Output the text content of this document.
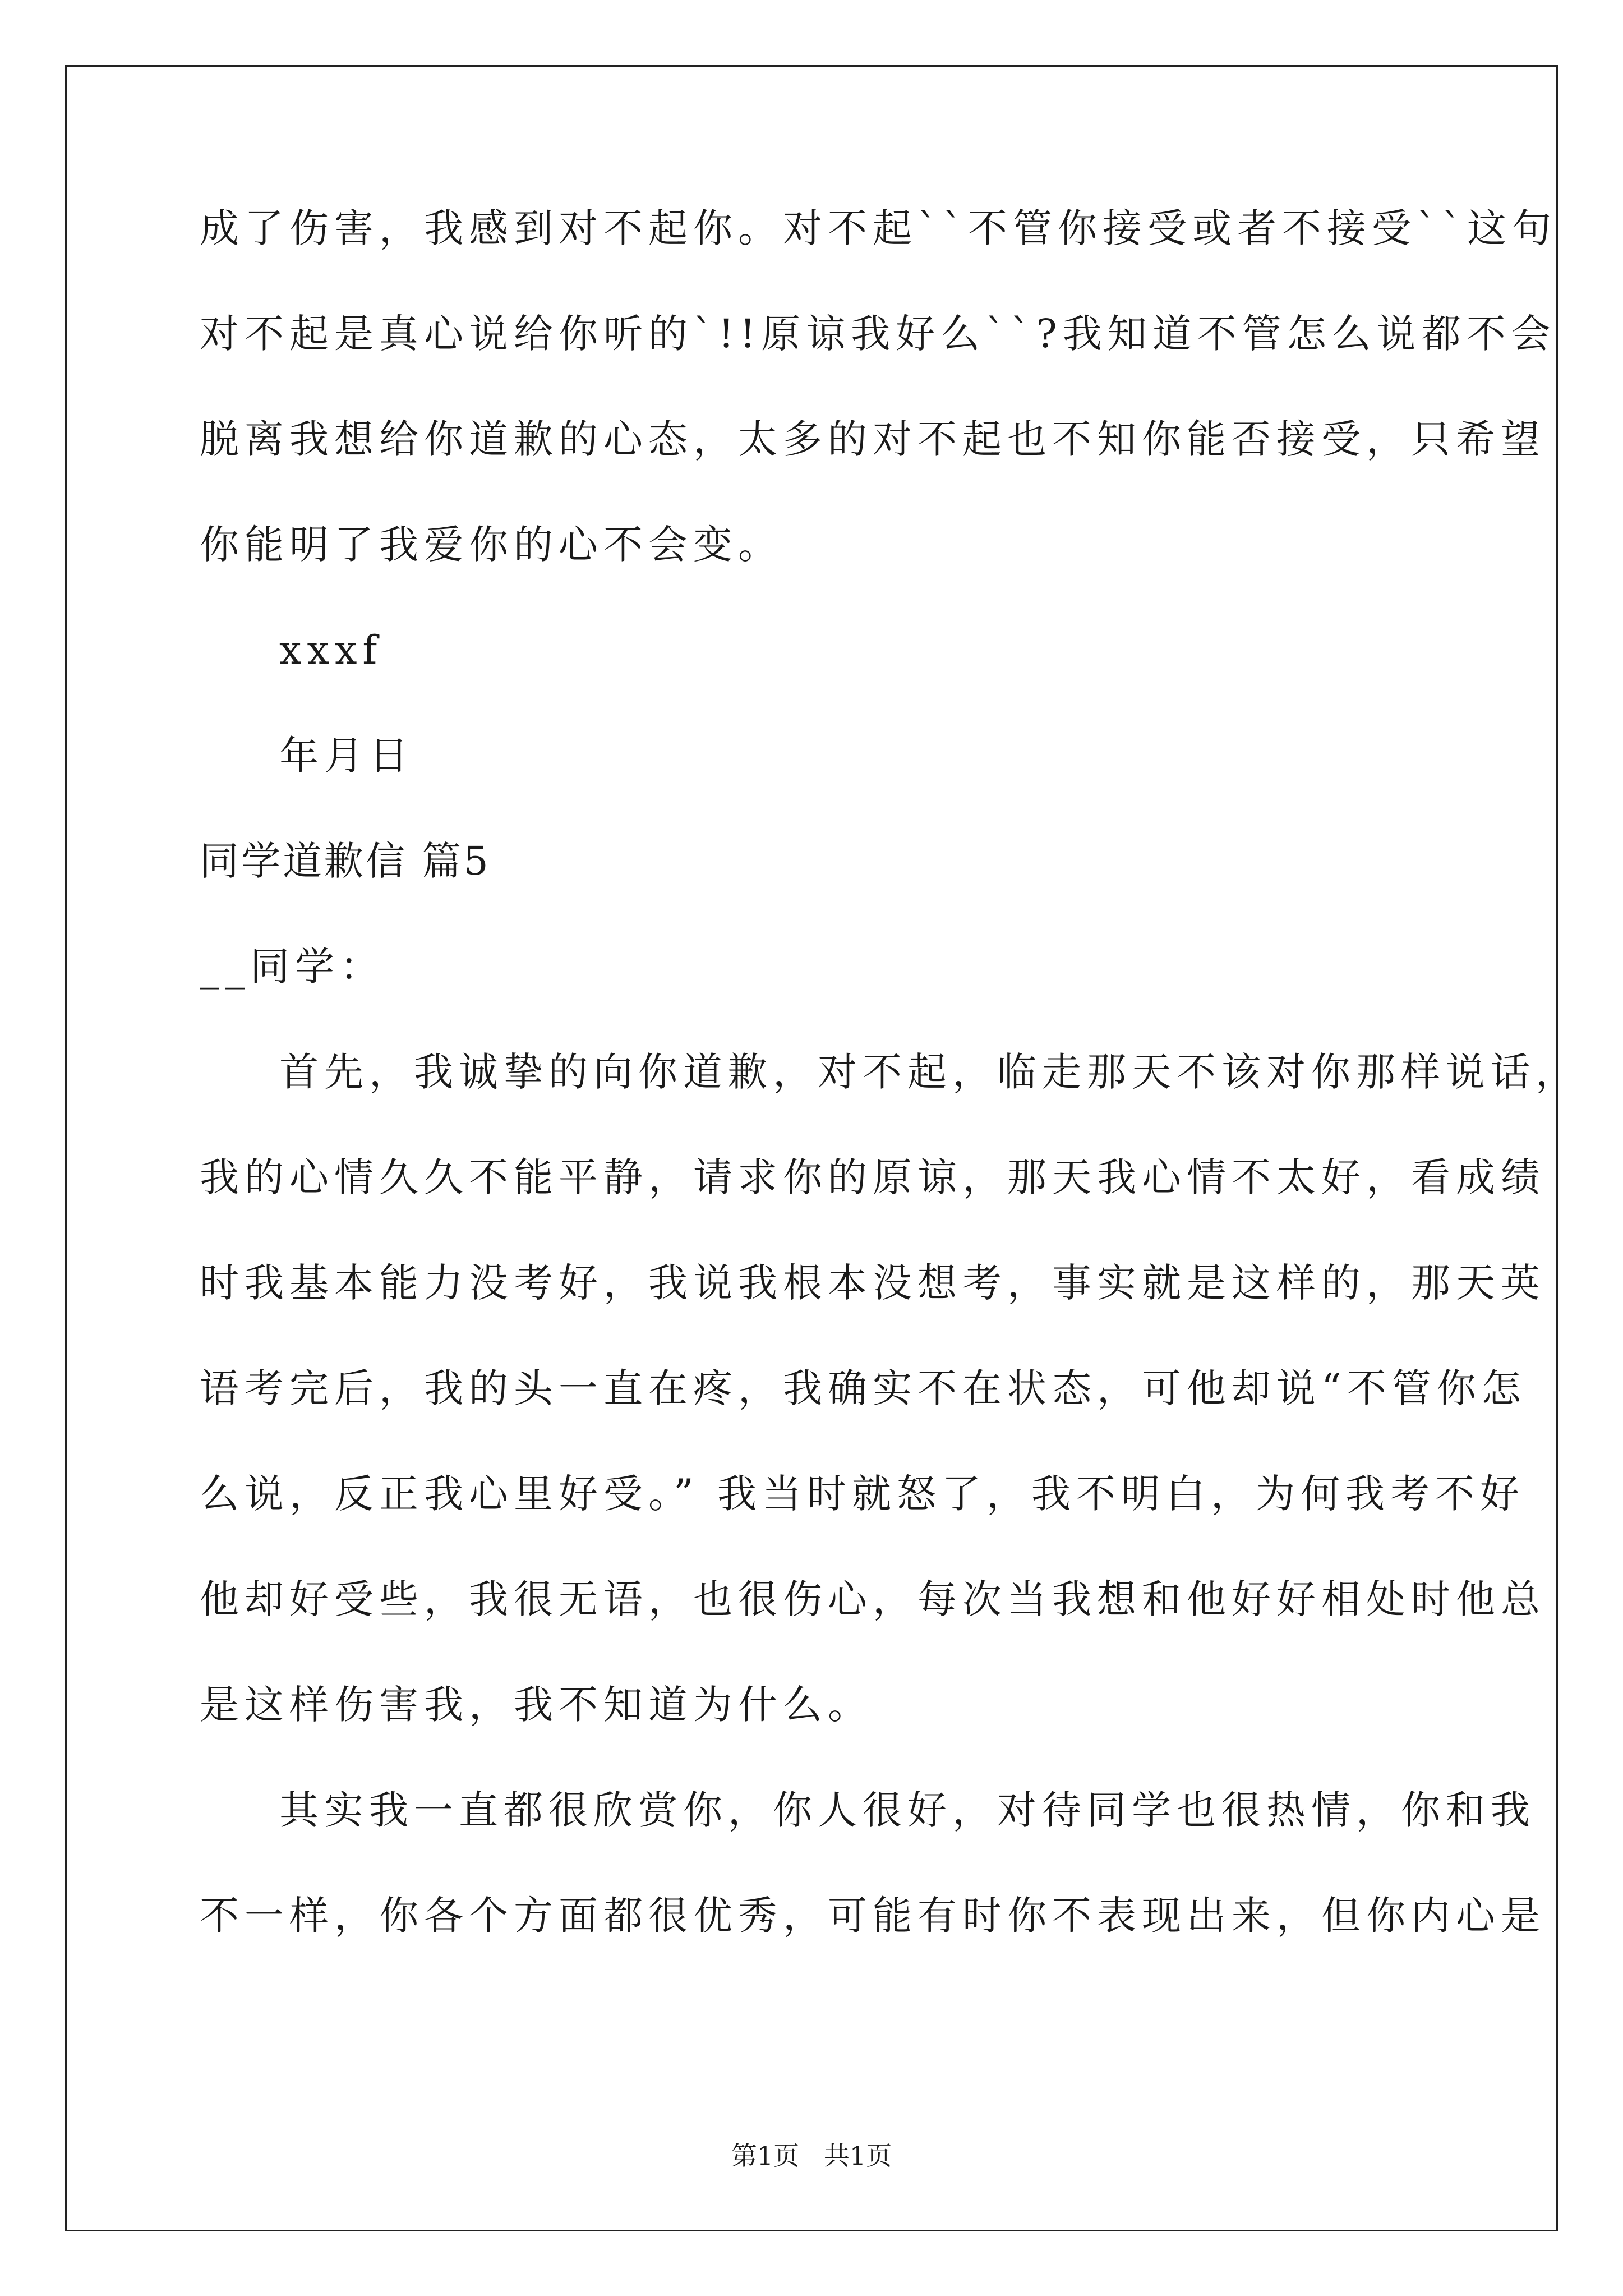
成了伤害，我感到对不起你。对不起``不管你接受或者不接受``这句
对不起是真心说给你听的`!!原谅我好么``?我知道不管怎么说都不会
脱离我想给你道歉的心态，太多的对不起也不知你能否接受，只希望
你能明了我爱你的心不会变。
xxxf
年月日
同学道歉信 篇5
__同学：
首先，我诚挚的向你道歉，对不起，临走那天不该对你那样说话，
我的心情久久不能平静，请求你的原谅，那天我心情不太好，看成绩
时我基本能力没考好，我说我根本没想考，事实就是这样的，那天英
语考完后，我的头一直在疼，我确实不在状态，可他却说“不管你怎
么说，反正我心里好受。” 我当时就怒了，我不明白，为何我考不好
他却好受些，我很无语，也很伤心，每次当我想和他好好相处时他总
是这样伤害我，我不知道为什么。
其实我一直都很欣赏你，你人很好，对待同学也很热情，你和我
不一样，你各个方面都很优秀，可能有时你不表现出来，但你内心是
第1页   共1页
